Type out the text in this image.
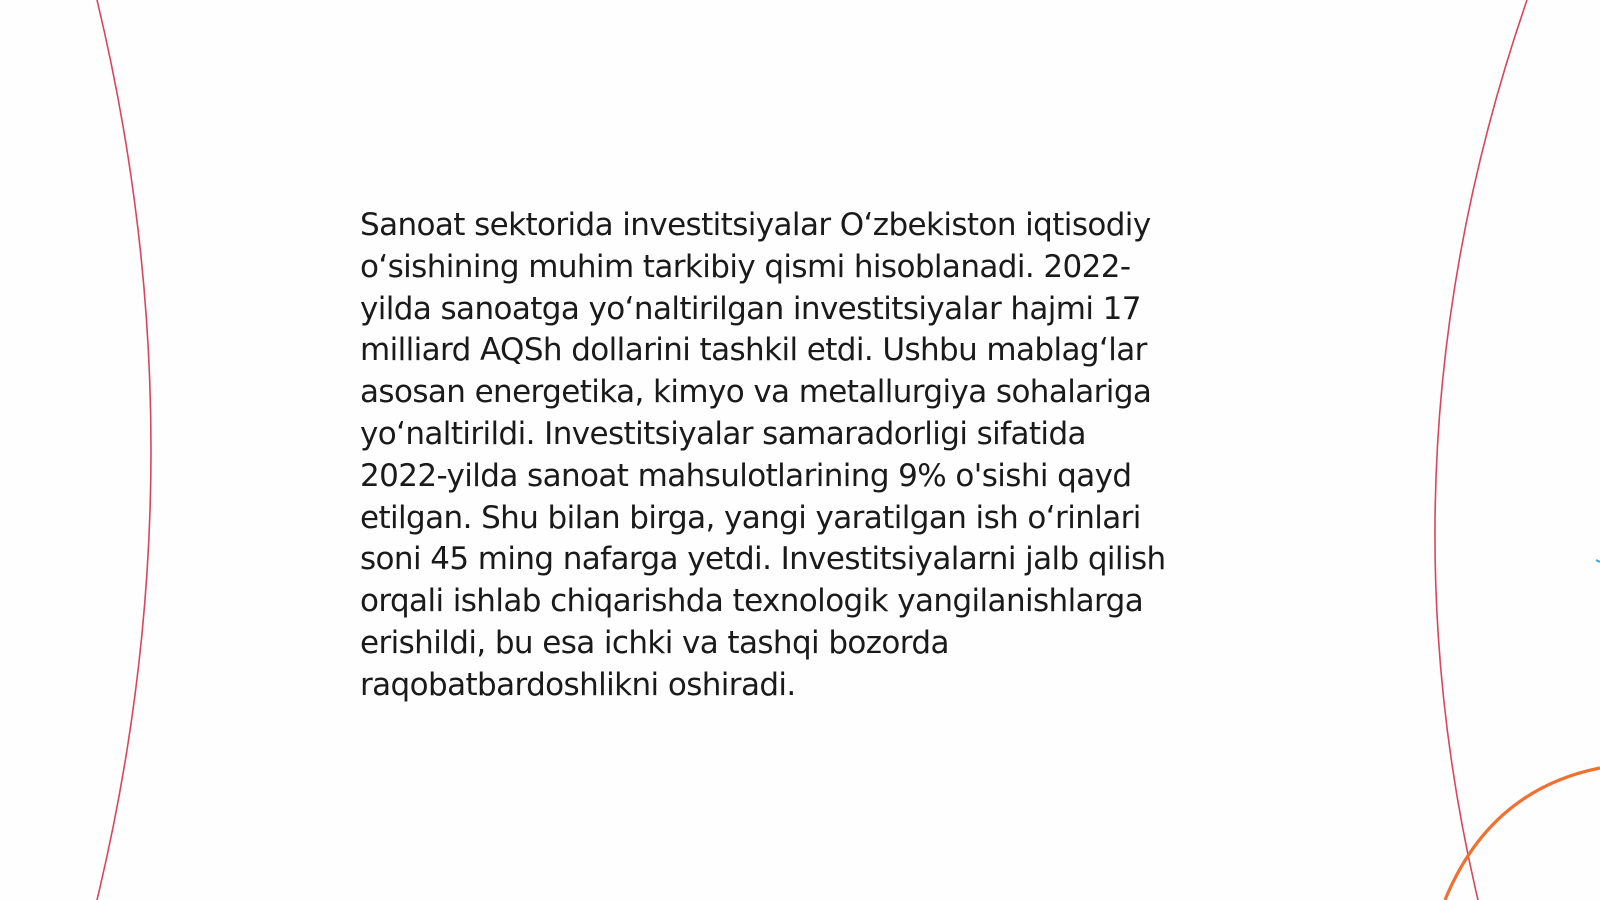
Sanoat sektorida investitsiyalar O‘zbekiston iqtisodiy
o‘sishining muhim tarkibiy qismi hisoblanadi. 2022-
yilda sanoatga yo‘naltirilgan investitsiyalar hajmi 17
milliard AQSh dollarini tashkil etdi. Ushbu mablag‘lar
asosan energetika, kimyo va metallurgiya sohalariga
yo‘naltirildi. Investitsiyalar samaradorligi sifatida
2022-yilda sanoat mahsulotlarining 9% o'sishi qayd
etilgan. Shu bilan birga, yangi yaratilgan ish o‘rinlari
soni 45 ming nafarga yetdi. Investitsiyalarni jalb qilish
orqali ishlab chiqarishda texnologik yangilanishlarga
erishildi, bu esa ichki va tashqi bozorda
raqobatbardoshlikni oshiradi.
